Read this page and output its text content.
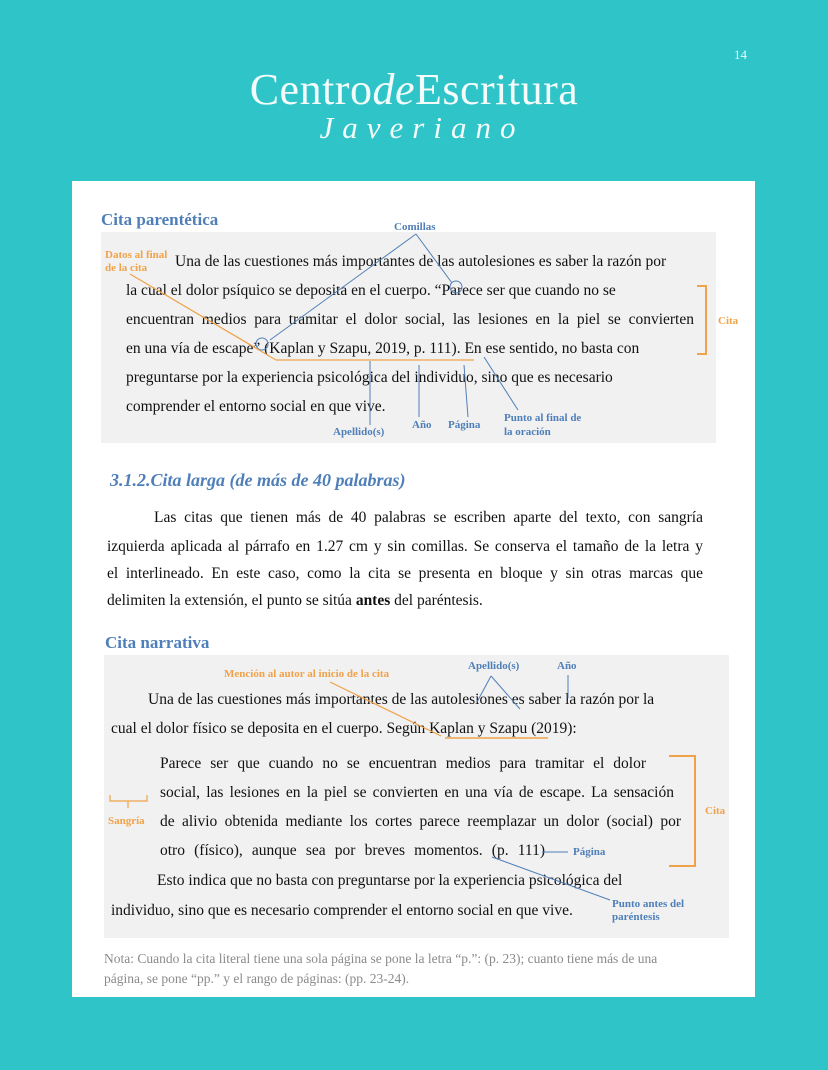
14
CentrodeEscritura
Javeriano
Cita parentética
Una de las cuestiones más importantes de las autolesiones es saber la razón por
la cual el dolor psíquico se deposita en el cuerpo. “Parece ser que cuando no se
encuentran medios para tramitar el dolor social, las lesiones en la piel se convierten
en una vía de escape” (Kaplan y Szapu, 2019, p. 111). En ese sentido, no basta con
preguntarse por la experiencia psicológica del individuo, sino que es necesario
comprender el entorno social en que vive.
Comillas
Datos al final
de la cita
Cita
Apellido(s)
Año Página
Punto al final de
la oración
3.1.2.Cita larga (de más de 40 palabras)
Las citas que tienen más de 40 palabras se escriben aparte del texto, con sangría
izquierda aplicada al párrafo en 1.27 cm y sin comillas. Se conserva el tamaño de la letra y
el interlineado. En este caso, como la cita se presenta en bloque y sin otras marcas que
delimiten la extensión, el punto se sitúa antes del paréntesis.
Cita narrativa
Mención al autor al inicio de la cita
Apellido(s)	Año
Una de las cuestiones más importantes de las autolesiones es saber la razón por la
cual el dolor físico se deposita en el cuerpo. Según Kaplan y Szapu (2019):
Parece ser que cuando no se encuentran medios para tramitar el dolor
social, las lesiones en la piel se convierten en una vía de escape. La sensación
de alivio obtenida mediante los cortes parece reemplazar un dolor (social) por
otro (físico), aunque sea por breves momentos. (p. 111)
Esto indica que no basta con preguntarse por la experiencia psicológica del
individuo, sino que es necesario comprender el entorno social en que vive.
Sangría
Cita
Página
Punto antes del
paréntesis
Nota: Cuando la cita literal tiene una sola página se pone la letra “p.”: (p. 23); cuanto tiene más de una
página, se pone “pp.” y el rango de páginas: (pp. 23-24).
